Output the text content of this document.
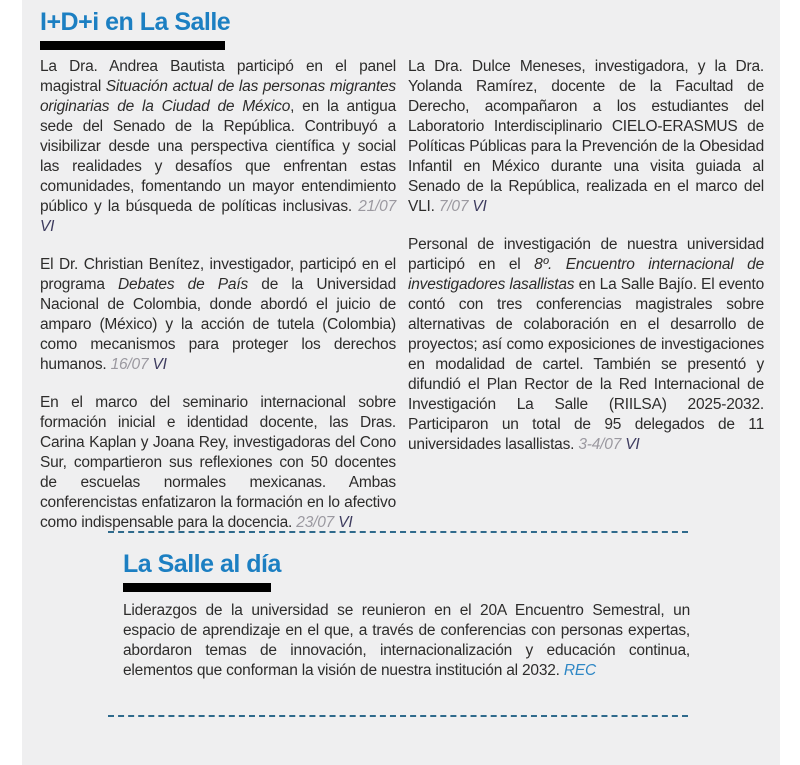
I+D+i en La Salle

La Dra. Andrea Bautista participó en el panel magistral Situación actual de las personas migrantes originarias de la Ciudad de México, en la antigua sede del Senado de la República. Contribuyó a visibilizar desde una perspectiva científica y social las realidades y desafíos que enfrentan estas comunidades, fomentando un mayor entendimiento público y la búsqueda de políticas inclusivas. 21/07 VI

El Dr. Christian Benítez, investigador, participó en el programa Debates de País de la Universidad Nacional de Colombia, donde abordó el juicio de amparo (México) y la acción de tutela (Colombia) como mecanismos para proteger los derechos humanos. 16/07 VI

En el marco del seminario internacional sobre formación inicial e identidad docente, las Dras. Carina Kaplan y Joana Rey, investigadoras del Cono Sur, compartieron sus reflexiones con 50 docentes de escuelas normales mexicanas. Ambas conferencistas enfatizaron la formación en lo afectivo como indispensable para la docencia. 23/07 VI

La Dra. Dulce Meneses, investigadora, y la Dra. Yolanda Ramírez, docente de la Facultad de Derecho, acompañaron a los estudiantes del Laboratorio Interdisciplinario CIELO-ERASMUS de Políticas Públicas para la Prevención de la Obesidad Infantil en México durante una visita guiada al Senado de la República, realizada en el marco del VLI. 7/07 VI

Personal de investigación de nuestra universidad participó en el 8º. Encuentro internacional de investigadores lasallistas en La Salle Bajío. El evento contó con tres conferencias magistrales sobre alternativas de colaboración en el desarrollo de proyectos; así como exposiciones de investigaciones en modalidad de cartel. También se presentó y difundió el Plan Rector de la Red Internacional de Investigación La Salle (RIILSA) 2025-2032. Participaron un total de 95 delegados de 11 universidades lasallistas. 3-4/07 VI

La Salle al día

Liderazgos de la universidad se reunieron en el 20A Encuentro Semestral, un espacio de aprendizaje en el que, a través de conferencias con personas expertas, abordaron temas de innovación, internacionalización y educación continua, elementos que conforman la visión de nuestra institución al 2032. REC
